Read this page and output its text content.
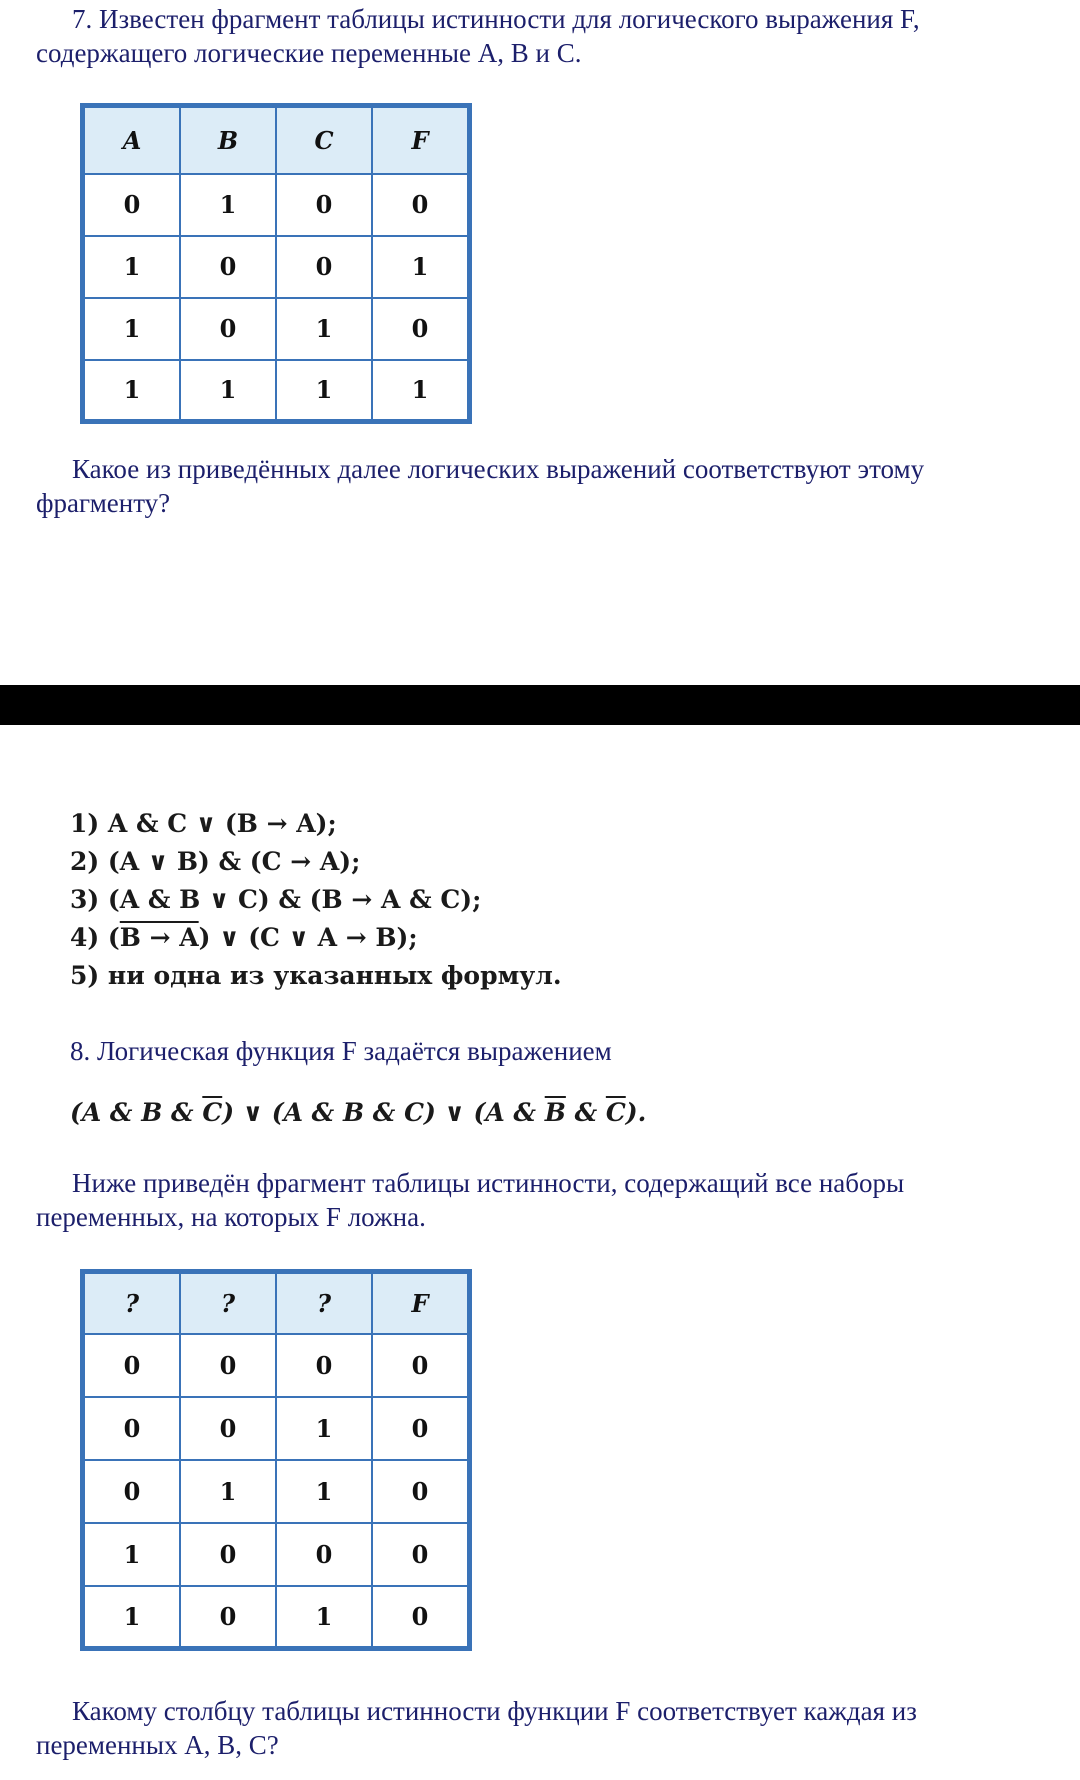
7. Известен фрагмент таблицы истинности для логического выражения F, содержащего логические переменные A, B и C.
A	B	C	F
0	1	0	0
1	0	0	1
1	0	1	0
1	1	1	1
Какое из приведённых далее логических выражений соответствуют этому фрагменту?
1) A & C ∨ (B → A);
2) (A ∨ B) & (C → A);
3) (A & B ∨ C) & (B → A & C);
4) (B → A) ∨ (C ∨ A → B);
5) ни одна из указанных формул.
8. Логическая функция F задаётся выражением
(A & B & $\overline{C}$) ∨ (A & B & C) ∨ (A & $\overline{B}$ & $\overline{C}$).
Ниже приведён фрагмент таблицы истинности, содержащий все наборы переменных, на которых F ложна.
?	?	?	F
0	0	0	0
0	0	1	0
0	1	1	0
1	0	0	0
1	0	1	0
Какому столбцу таблицы истинности функции F соответствует каждая из переменных A, B, C?
